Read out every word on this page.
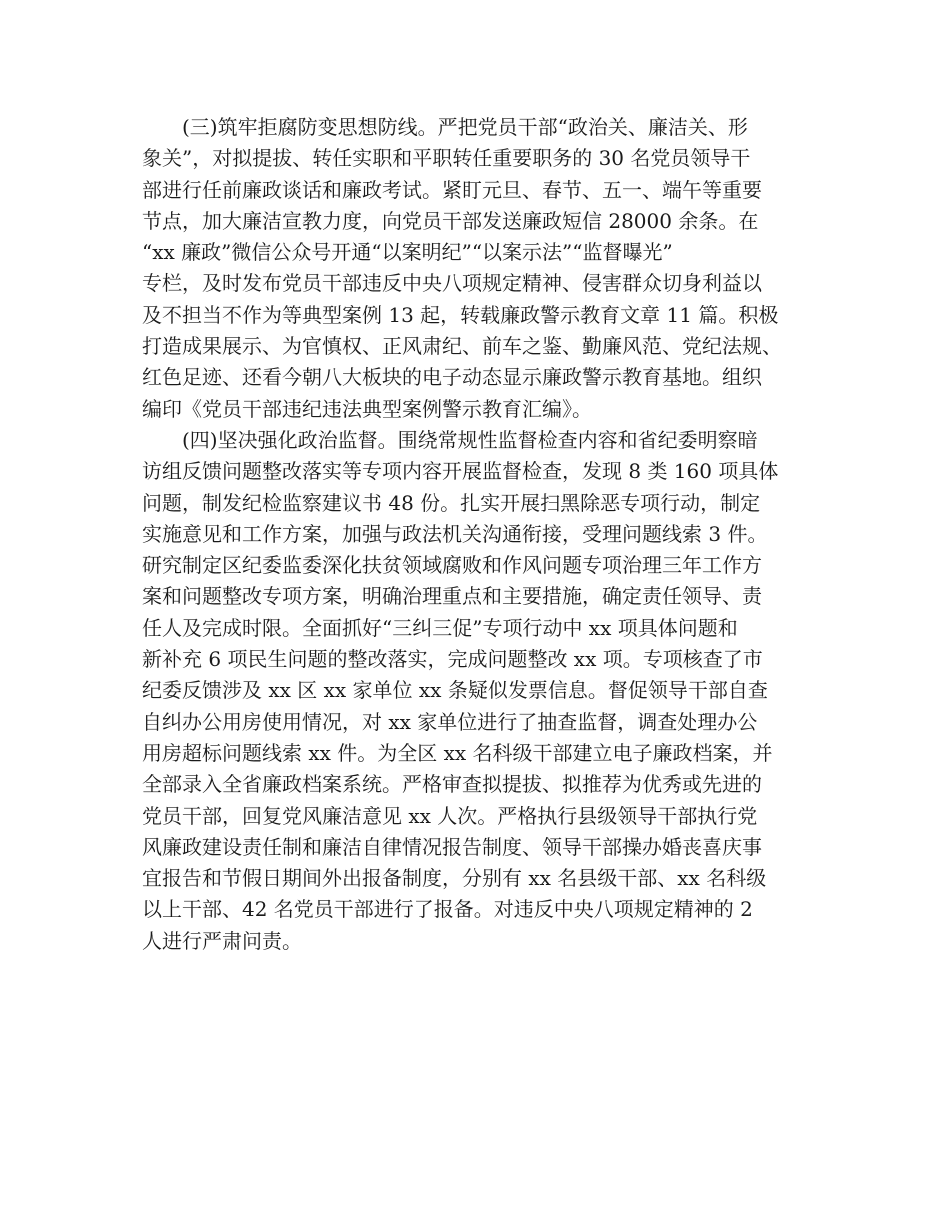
(三)筑牢拒腐防变思想防线。严把党员干部“政治关、廉洁关、形
象关”，对拟提拔、转任实职和平职转任重要职务的 30 名党员领导干
部进行任前廉政谈话和廉政考试。紧盯元旦、春节、五一、端午等重要
节点，加大廉洁宣教力度，向党员干部发送廉政短信 28000 余条。在
“xx 廉政”微信公众号开通“以案明纪”“以案示法”“监督曝光”
专栏，及时发布党员干部违反中央八项规定精神、侵害群众切身利益以
及不担当不作为等典型案例 13 起，转载廉政警示教育文章 11 篇。积极
打造成果展示、为官慎权、正风肃纪、前车之鉴、勤廉风范、党纪法规、
红色足迹、还看今朝八大板块的电子动态显示廉政警示教育基地。组织
编印《党员干部违纪违法典型案例警示教育汇编》。
(四)坚决强化政治监督。围绕常规性监督检查内容和省纪委明察暗
访组反馈问题整改落实等专项内容开展监督检查，发现 8 类 160 项具体
问题，制发纪检监察建议书 48 份。扎实开展扫黑除恶专项行动，制定
实施意见和工作方案，加强与政法机关沟通衔接，受理问题线索 3 件。
研究制定区纪委监委深化扶贫领域腐败和作风问题专项治理三年工作方
案和问题整改专项方案，明确治理重点和主要措施，确定责任领导、责
任人及完成时限。全面抓好“三纠三促”专项行动中 xx 项具体问题和
新补充 6 项民生问题的整改落实，完成问题整改 xx 项。专项核查了市
纪委反馈涉及 xx 区 xx 家单位 xx 条疑似发票信息。督促领导干部自查
自纠办公用房使用情况，对 xx 家单位进行了抽查监督，调查处理办公
用房超标问题线索 xx 件。为全区 xx 名科级干部建立电子廉政档案，并
全部录入全省廉政档案系统。严格审查拟提拔、拟推荐为优秀或先进的
党员干部，回复党风廉洁意见 xx 人次。严格执行县级领导干部执行党
风廉政建设责任制和廉洁自律情况报告制度、领导干部操办婚丧喜庆事
宜报告和节假日期间外出报备制度，分别有 xx 名县级干部、xx 名科级
以上干部、42 名党员干部进行了报备。对违反中央八项规定精神的 2
人进行严肃问责。
